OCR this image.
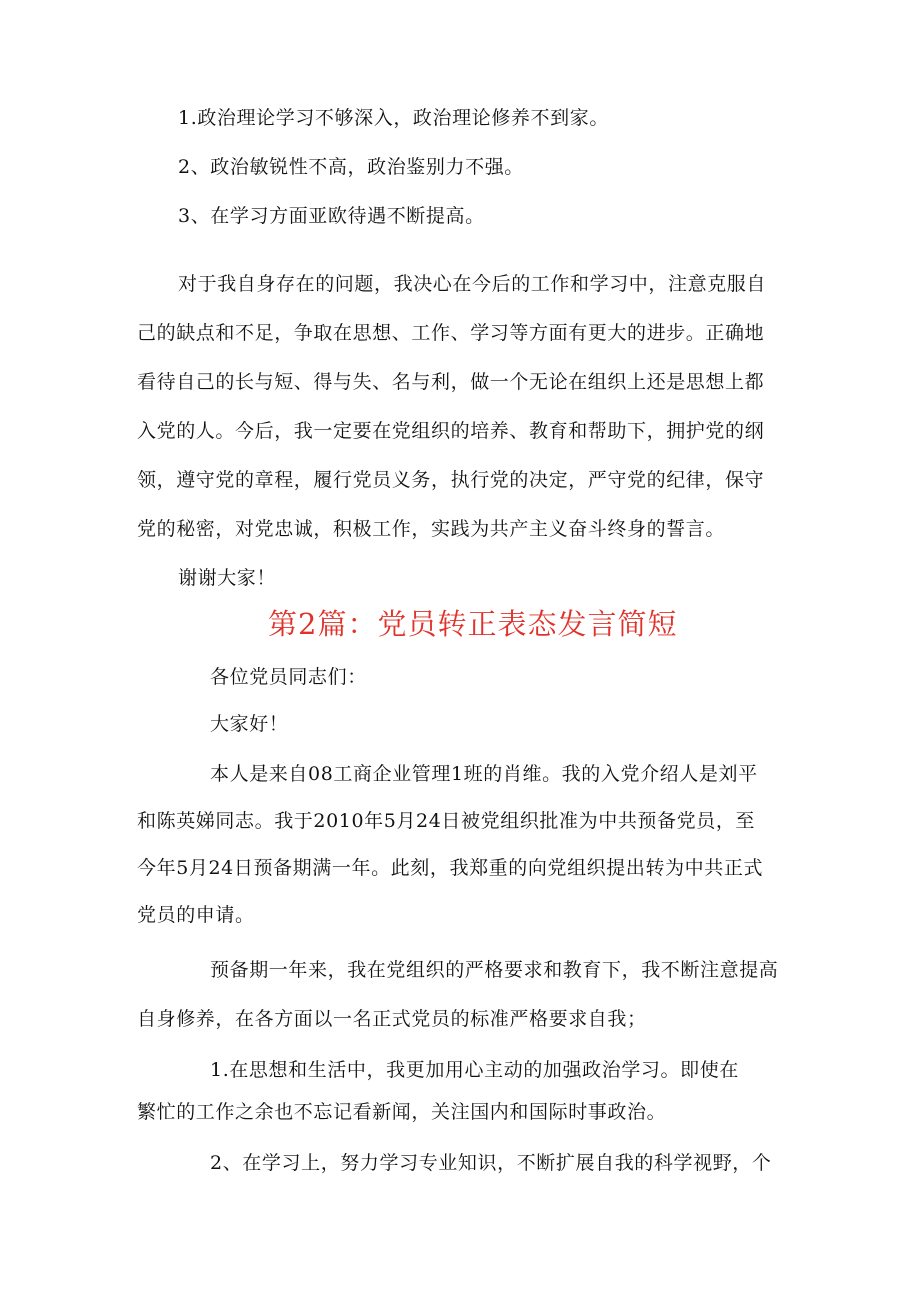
1.政治理论学习不够深入，政治理论修养不到家。
2、政治敏锐性不高，政治鉴别力不强。
3、在学习方面亚欧待遇不断提高。
对于我自身存在的问题，我决心在今后的工作和学习中，注意克服自
己的缺点和不足，争取在思想、工作、学习等方面有更大的进步。正确地
看待自己的长与短、得与失、名与利，做一个无论在组织上还是思想上都
入党的人。今后，我一定要在党组织的培养、教育和帮助下，拥护党的纲
领，遵守党的章程，履行党员义务，执行党的决定，严守党的纪律，保守
党的秘密，对党忠诚，积极工作，实践为共产主义奋斗终身的誓言。
谢谢大家！
第2篇：党员转正表态发言简短
各位党员同志们：
大家好！
本人是来自08工商企业管理1班的肖维。我的入党介绍人是刘平
和陈英娣同志。我于2010年5月24日被党组织批准为中共预备党员，至
今年5月24日预备期满一年。此刻，我郑重的向党组织提出转为中共正式
党员的申请。
预备期一年来，我在党组织的严格要求和教育下，我不断注意提高
自身修养，在各方面以一名正式党员的标准严格要求自我；
1.在思想和生活中，我更加用心主动的加强政治学习。即使在
繁忙的工作之余也不忘记看新闻，关注国内和国际时事政治。
2、在学习上，努力学习专业知识，不断扩展自我的科学视野，个
